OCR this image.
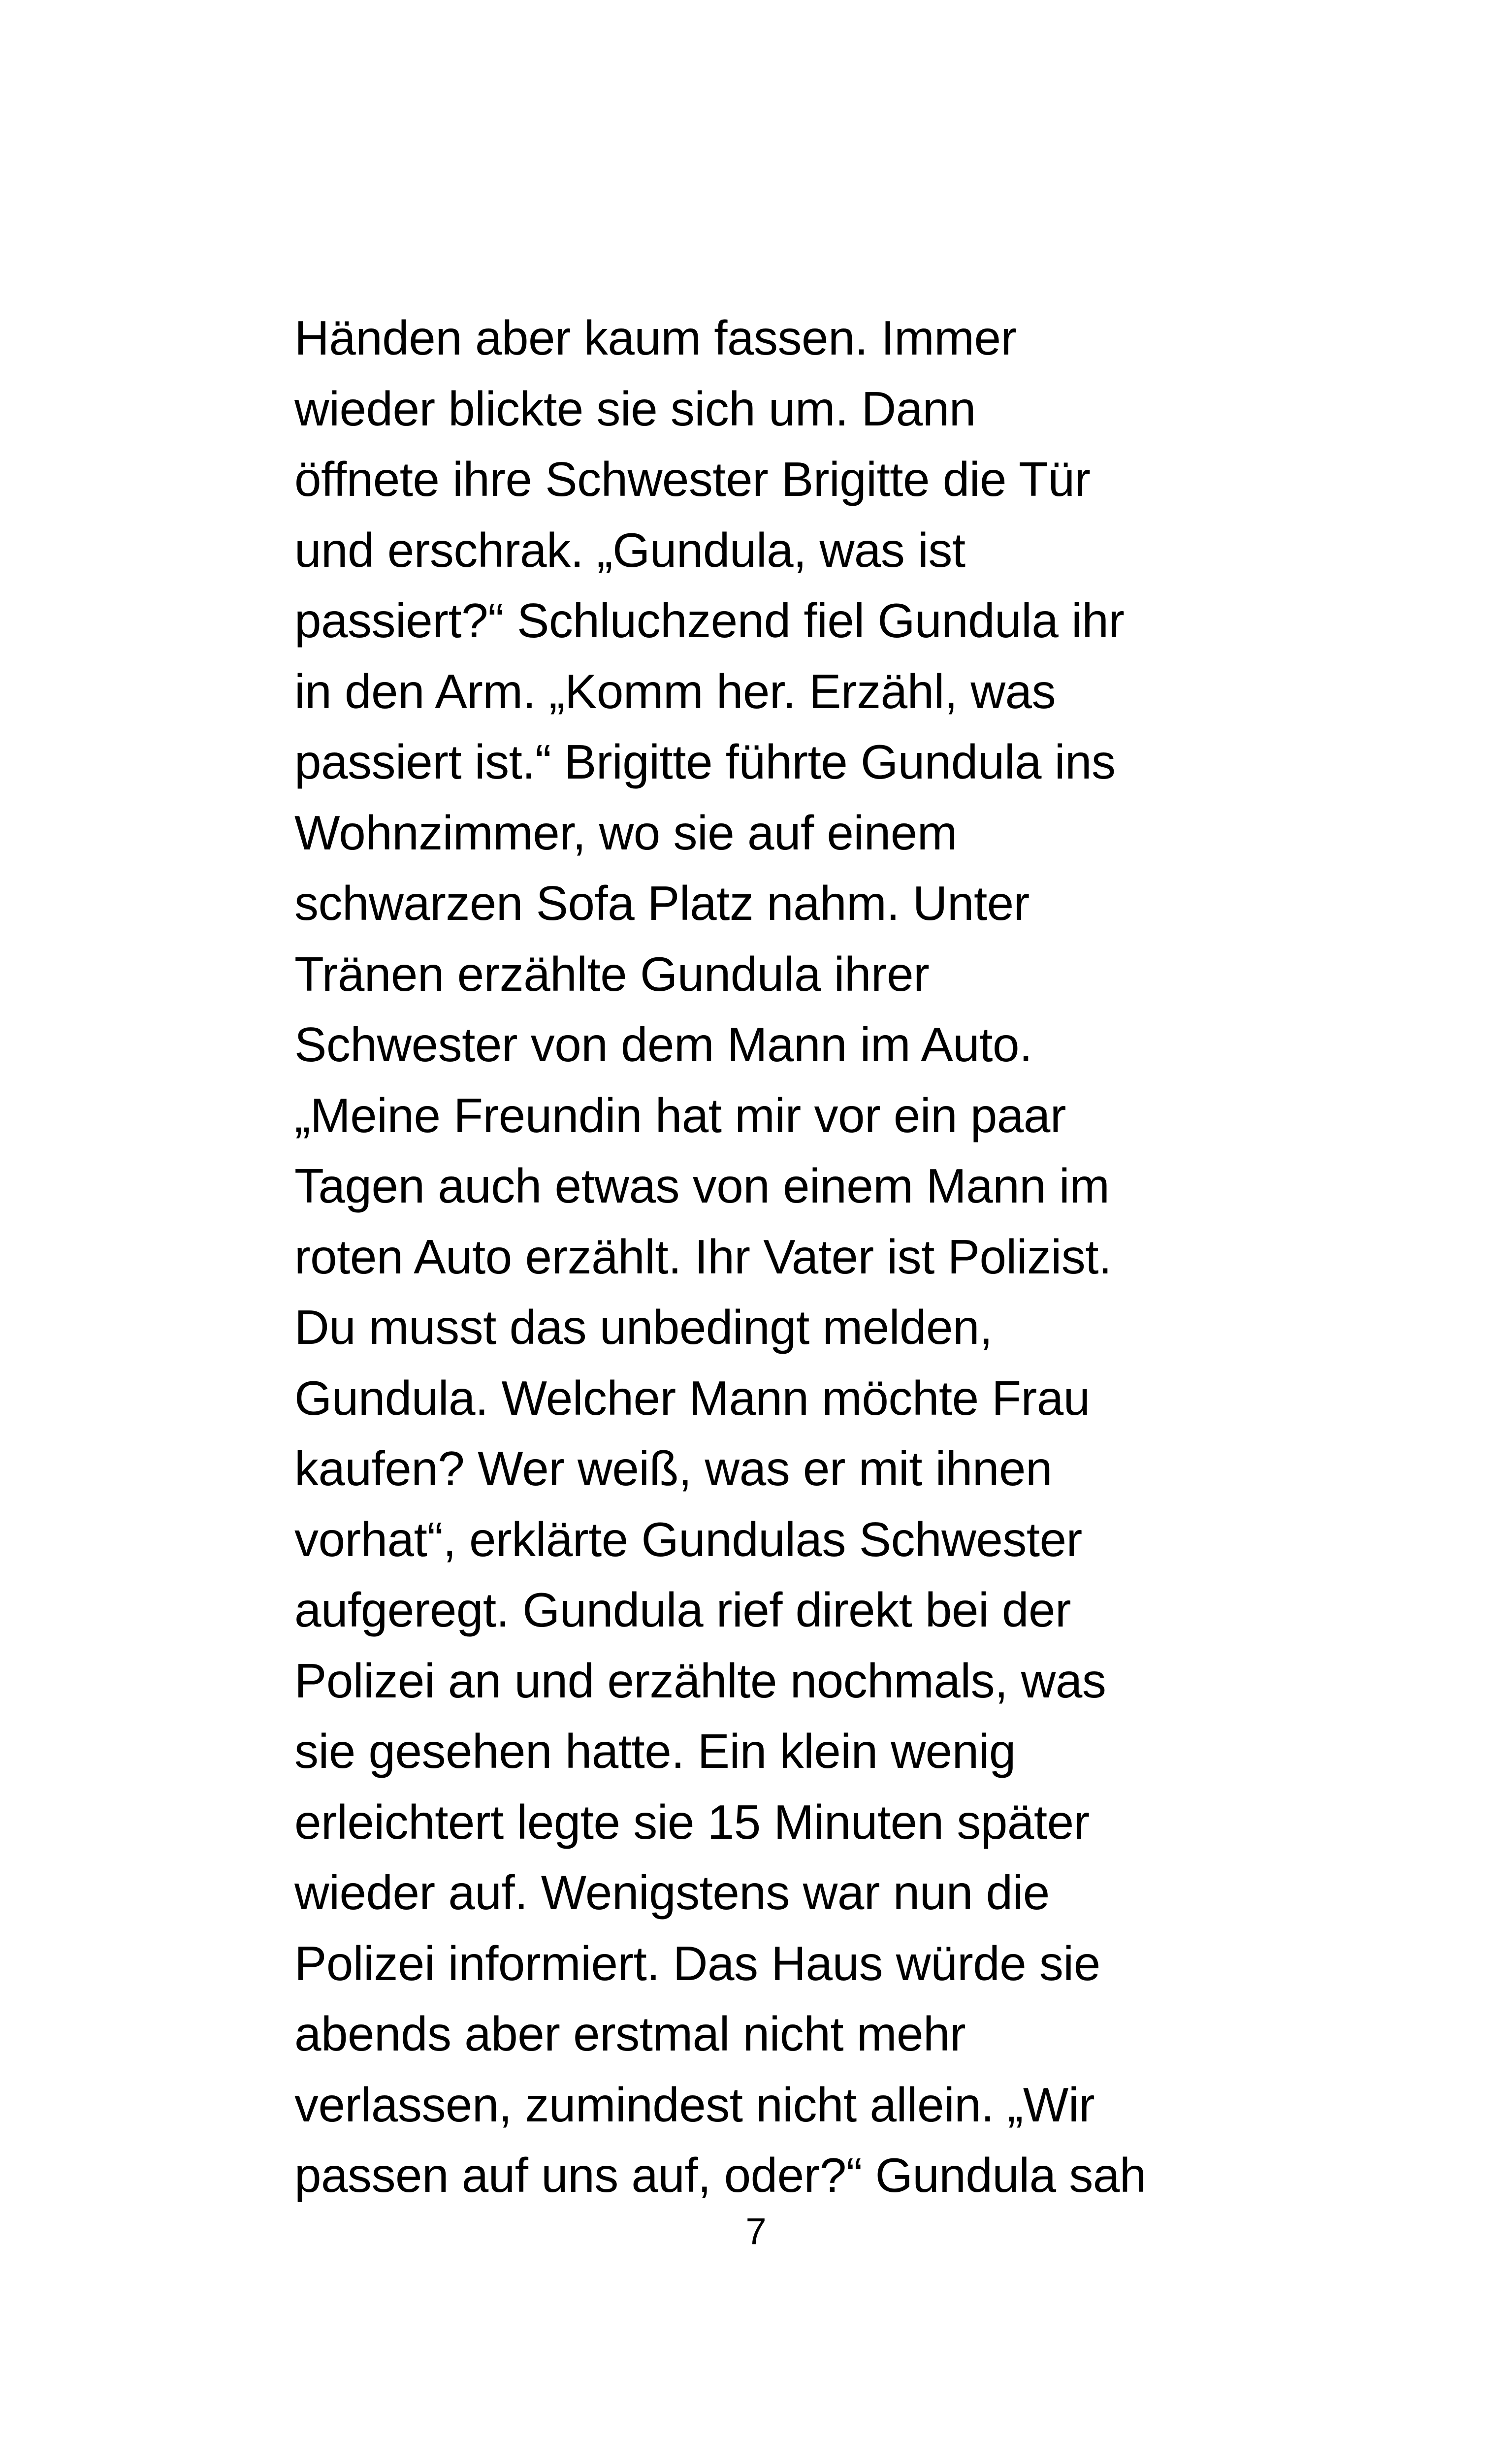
Händen aber kaum fassen. Immer
wieder blickte sie sich um. Dann
öffnete ihre Schwester Brigitte die Tür
und erschrak. „Gundula, was ist
passiert?“ Schluchzend fiel Gundula ihr
in den Arm. „Komm her. Erzähl, was
passiert ist.“ Brigitte führte Gundula ins
Wohnzimmer, wo sie auf einem
schwarzen Sofa Platz nahm. Unter
Tränen erzählte Gundula ihrer
Schwester von dem Mann im Auto.
„Meine Freundin hat mir vor ein paar
Tagen auch etwas von einem Mann im
roten Auto erzählt. Ihr Vater ist Polizist.
Du musst das unbedingt melden,
Gundula. Welcher Mann möchte Frau
kaufen? Wer weiß, was er mit ihnen
vorhat“, erklärte Gundulas Schwester
aufgeregt. Gundula rief direkt bei der
Polizei an und erzählte nochmals, was
sie gesehen hatte. Ein klein wenig
erleichtert legte sie 15 Minuten später
wieder auf. Wenigstens war nun die
Polizei informiert. Das Haus würde sie
abends aber erstmal nicht mehr
verlassen, zumindest nicht allein. „Wir
passen auf uns auf, oder?“ Gundula sah
7
